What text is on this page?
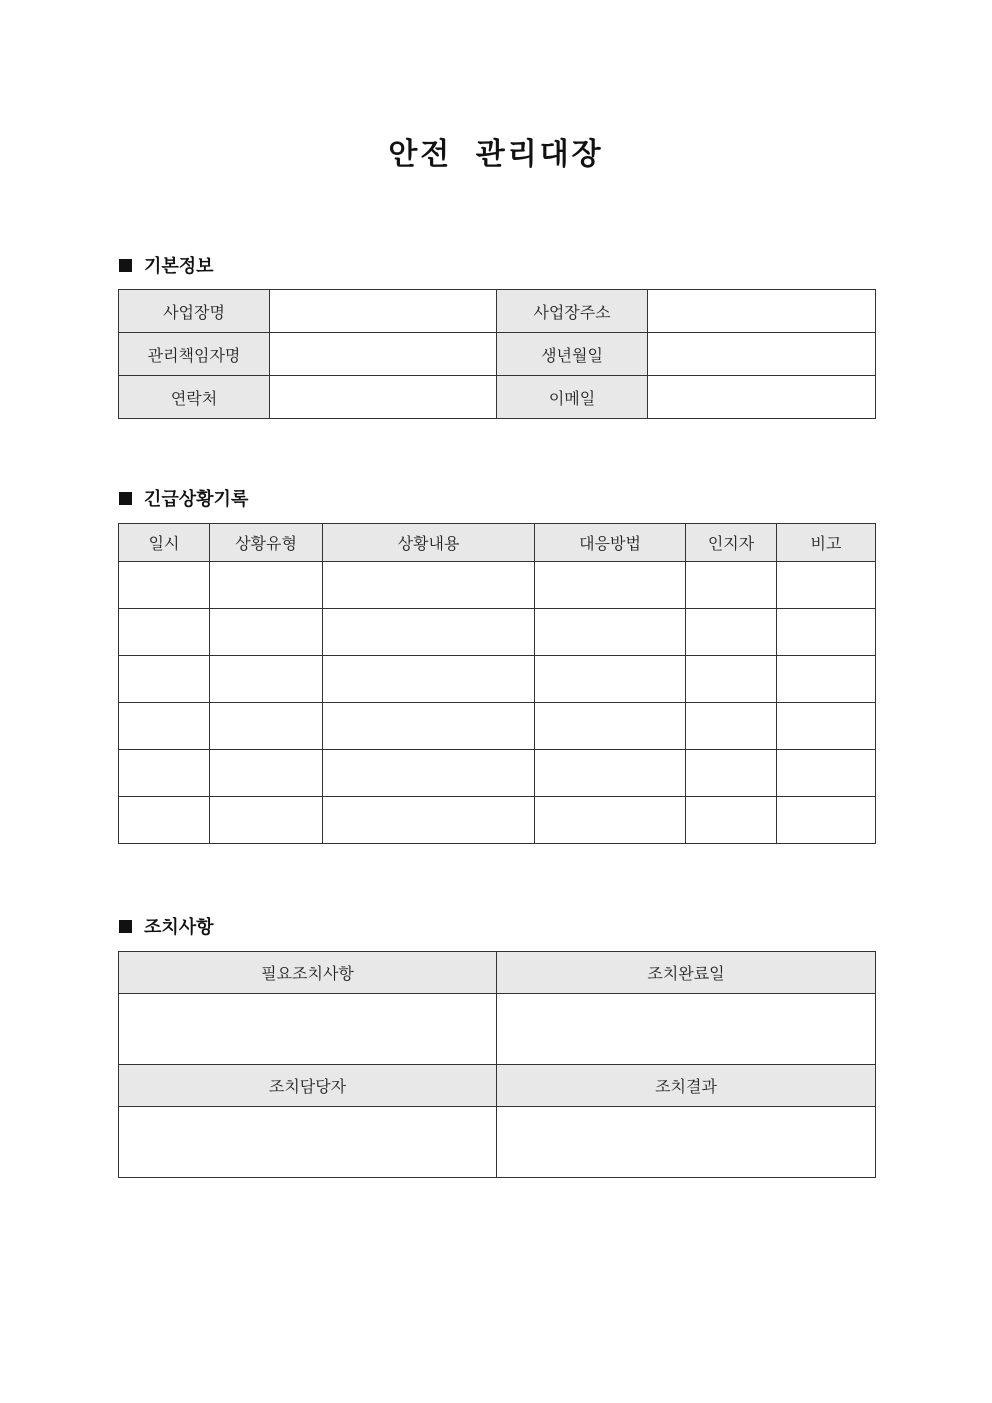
안전 관리대장
기본정보
사업장명		사업장주소	
관리책임자명		생년월일	
연락처		이메일	
긴급상황기록
일시	상황유형	상황내용	대응방법	인지자	비고

조치사항
필요조치사항	조치완료일

조치담당자	조치결과
